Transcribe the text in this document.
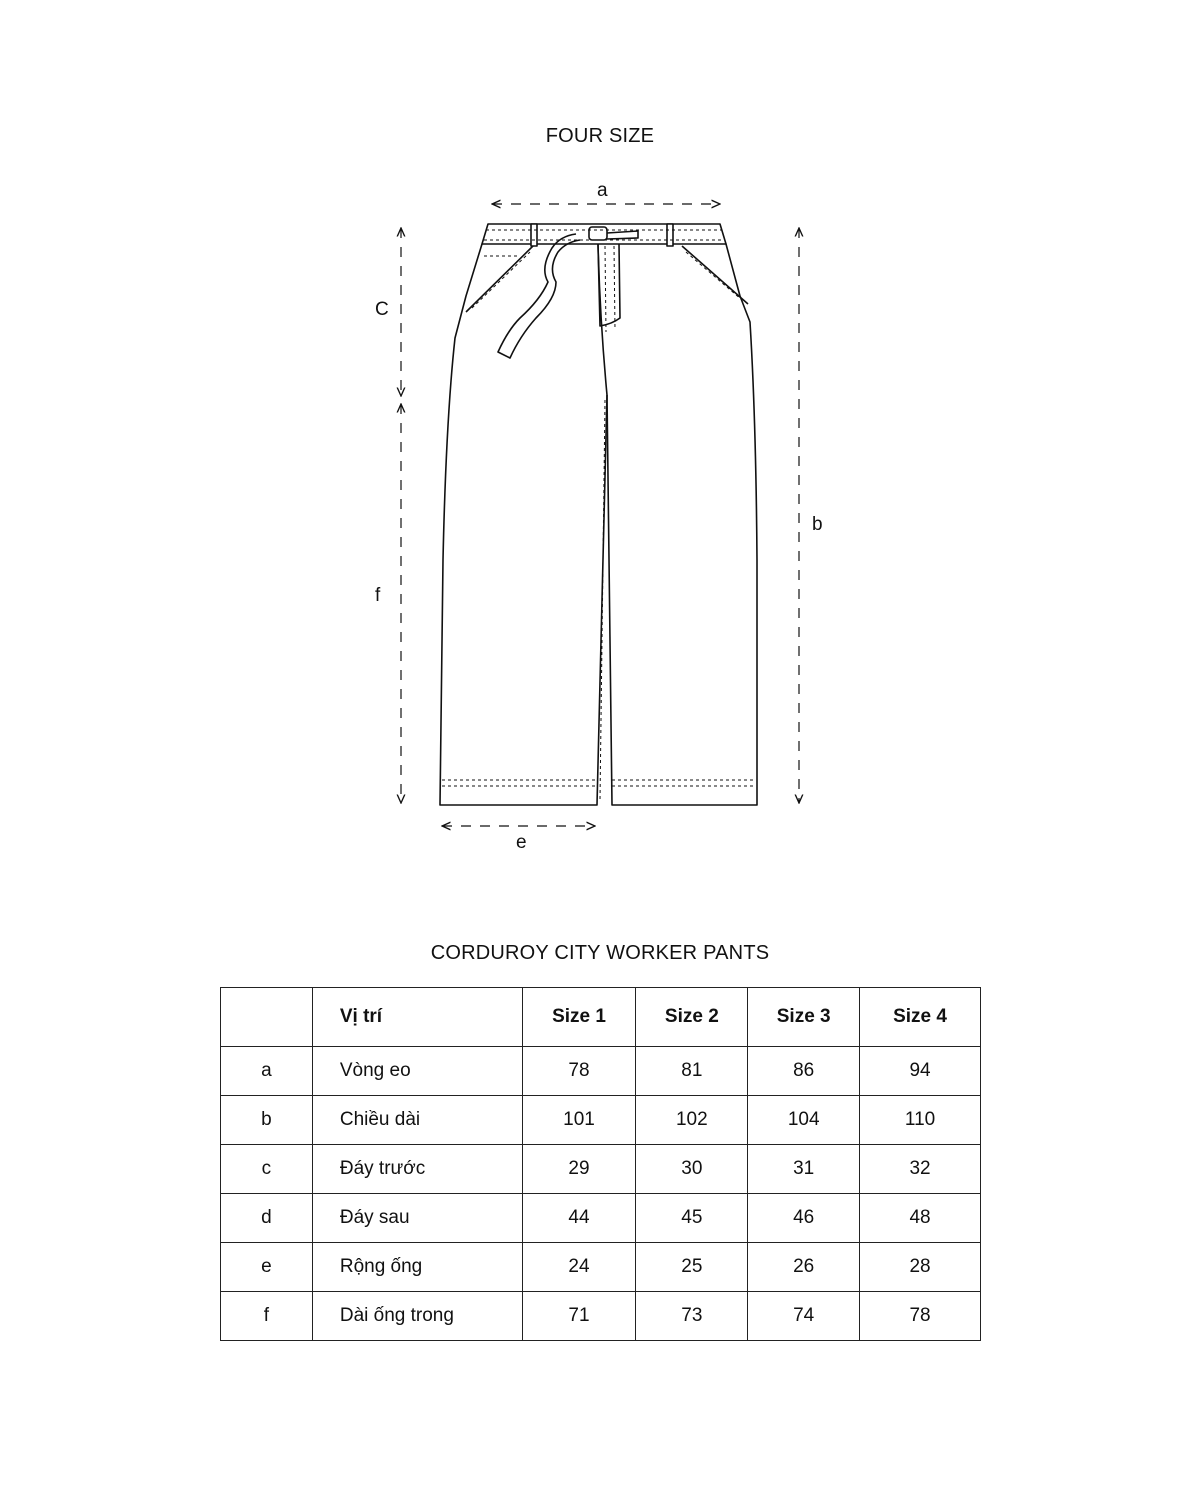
FOUR SIZE
a
C
f
b
e
CORDUROY CITY WORKER PANTS
	Vị trí	Size 1	Size 2	Size 3	Size 4
a	Vòng eo	78	81	86	94
b	Chiều dài	101	102	104	110
c	Đáy trước	29	30	31	32
d	Đáy sau	44	45	46	48
e	Rộng ống	24	25	26	28
f	Dài ống trong	71	73	74	78
